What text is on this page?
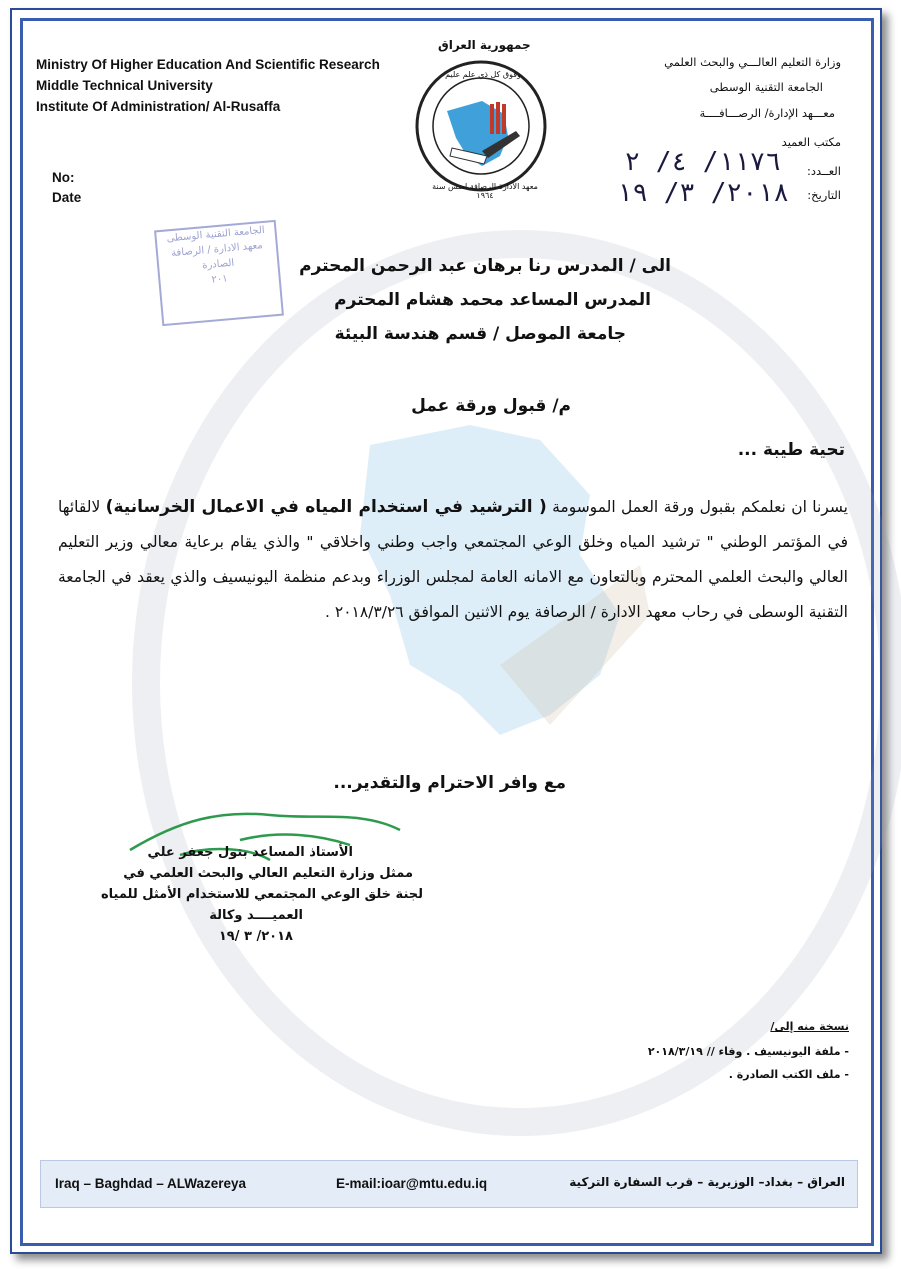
Ministry Of Higher Education And Scientific Research
Middle Technical University
Institute Of Administration/ Al-Rusaffa
No:
Date
وزارة التعليم العالـــي والبحث العلمي
الجامعة التقنية الوسطى
معـــهد الإدارة/ الرصـــافــــة
مكتب العميد
العــدد:
١١٧٦/ ٤/ ٢
التاريخ:
٢٠١٨/ ٣/ ١٩
جمهورية العراق
وفوق كل ذي علم عليم
معهد الادارة الرصافة اسس سنة ١٩٦٤
الجامعة التقنية الوسطى
معهد الادارة / الرصافة
الصادرة
٢٠١
الى / المدرس رنا برهان عبد الرحمن المحترم
المدرس المساعد محمد هشام المحترم
جامعة الموصل / قسم هندسة البيئة
م/ قبول ورقة عمل
تحية طيبة ...
يسرنا ان نعلمكم بقبول ورقة العمل الموسومة ( الترشيد في استخدام المياه في الاعمال الخرسانية) لالقائها في المؤتمر الوطني " ترشيد المياه وخلق الوعي المجتمعي واجب وطني واخلاقي " والذي يقام برعاية معالي وزير التعليم العالي والبحث العلمي المحترم وبالتعاون مع الامانه العامة لمجلس الوزراء وبدعم منظمة اليونيسيف والذي يعقد في الجامعة التقنية الوسطى في رحاب معهد الادارة / الرصافة يوم الاثنين الموافق ٢٠١٨/٣/٢٦ .
مع وافر الاحترام والتقدير...
الأستاذ المساعد بتول جعفر علي
ممثل وزارة التعليم العالي والبحث العلمي في
لجنة خلق الوعي المجتمعي للاستخدام الأمثل للمياه
العميــــد وكالة
٢٠١٨/ ٣ /١٩
نسخة منه إلى/
- ملفة اليونيسيف . وفاء // ٢٠١٨/٣/١٩
- ملف الكتب الصادرة .
Iraq – Baghdad – ALWazereya	E-mail:ioar@mtu.edu.iq	العراق – بغداد– الوزيرية – قرب السفارة التركية
